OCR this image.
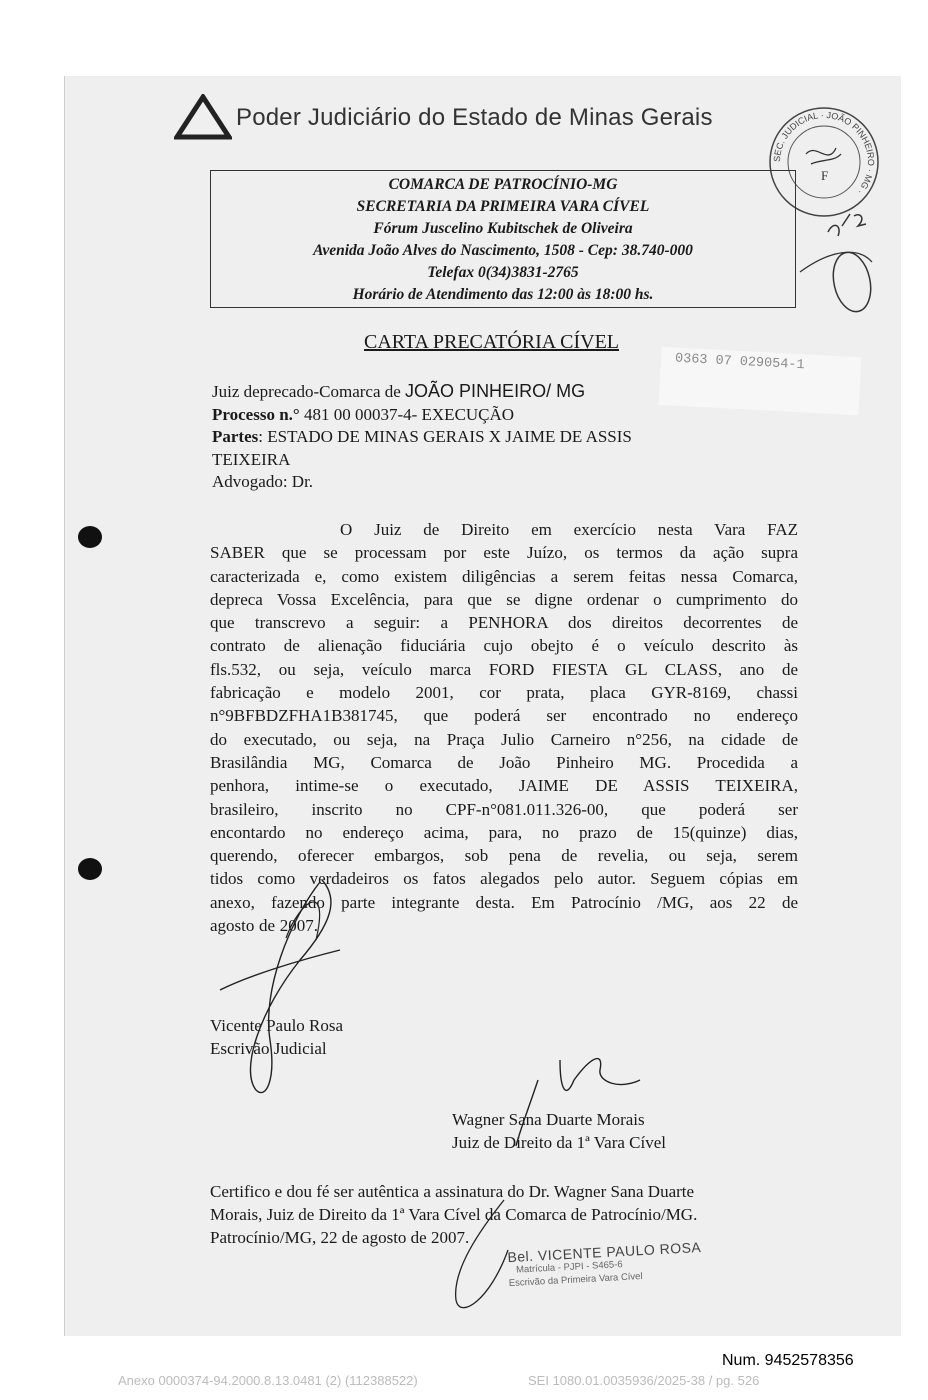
Poder Judiciário do Estado de Minas Gerais
SEC. JUDICIAL · JOÃO PINHEIRO · MG ·
F
COMARCA DE PATROCÍNIO-MG
SECRETARIA DA PRIMEIRA VARA CÍVEL
Fórum Juscelino Kubitschek de Oliveira
Avenida João Alves do Nascimento, 1508 - Cep: 38.740-000
Telefax 0(34)3831-2765
Horário de Atendimento das 12:00 às 18:00 hs.
CARTA PRECATÓRIA CÍVEL
0363 07 029054-1
Juiz deprecado-Comarca de JOÃO PINHEIRO/ MG
Processo n.° 481 00 00037-4- EXECUÇÃO
Partes: ESTADO DE MINAS GERAIS X JAIME DE ASSIS
TEIXEIRA
Advogado: Dr.
O Juiz de Direito em exercício nesta Vara FAZ
SABER que se processam por este Juízo, os termos da ação supra
caracterizada e, como existem diligências a serem feitas nessa Comarca,
depreca Vossa Excelência, para que se digne ordenar o cumprimento do
que transcrevo a seguir: a PENHORA dos direitos decorrentes de
contrato de alienação fiduciária cujo obejto é o veículo descrito às
fls.532, ou seja, veículo marca FORD FIESTA GL CLASS, ano de
fabricação e modelo 2001, cor prata, placa GYR-8169, chassi
n°9BFBDZFHA1B381745, que poderá ser encontrado no endereço
do executado, ou seja, na Praça Julio Carneiro n°256, na cidade de
Brasilândia MG, Comarca de João Pinheiro MG. Procedida a
penhora, intime-se o executado, JAIME DE ASSIS TEIXEIRA,
brasileiro, inscrito no CPF-n°081.011.326-00, que poderá ser
encontardo no endereço acima, para, no prazo de 15(quinze) dias,
querendo, oferecer embargos, sob pena de revelia, ou seja, serem
tidos como verdadeiros os fatos alegados pelo autor. Seguem cópias em
anexo, fazendo parte integrante desta. Em Patrocínio /MG, aos 22 de
agosto de 2007.
Vicente Paulo Rosa
Escrivão Judicial
Wagner Sana Duarte Morais
Juiz de Direito da 1ª Vara Cível
Certifico e dou fé ser autêntica a assinatura do Dr. Wagner Sana Duarte
Morais, Juiz de Direito da 1ª Vara Cível da Comarca de Patrocínio/MG.
Patrocínio/MG, 22 de agosto de 2007.
Bel. VICENTE PAULO ROSA
Matrícula - PJPI - S465-6
Escrivão da Primeira Vara Cível
Num. 9452578356
Anexo 0000374-94.2000.8.13.0481 (2) (112388522)	SEI 1080.01.0035936/2025-38 / pg. 526
